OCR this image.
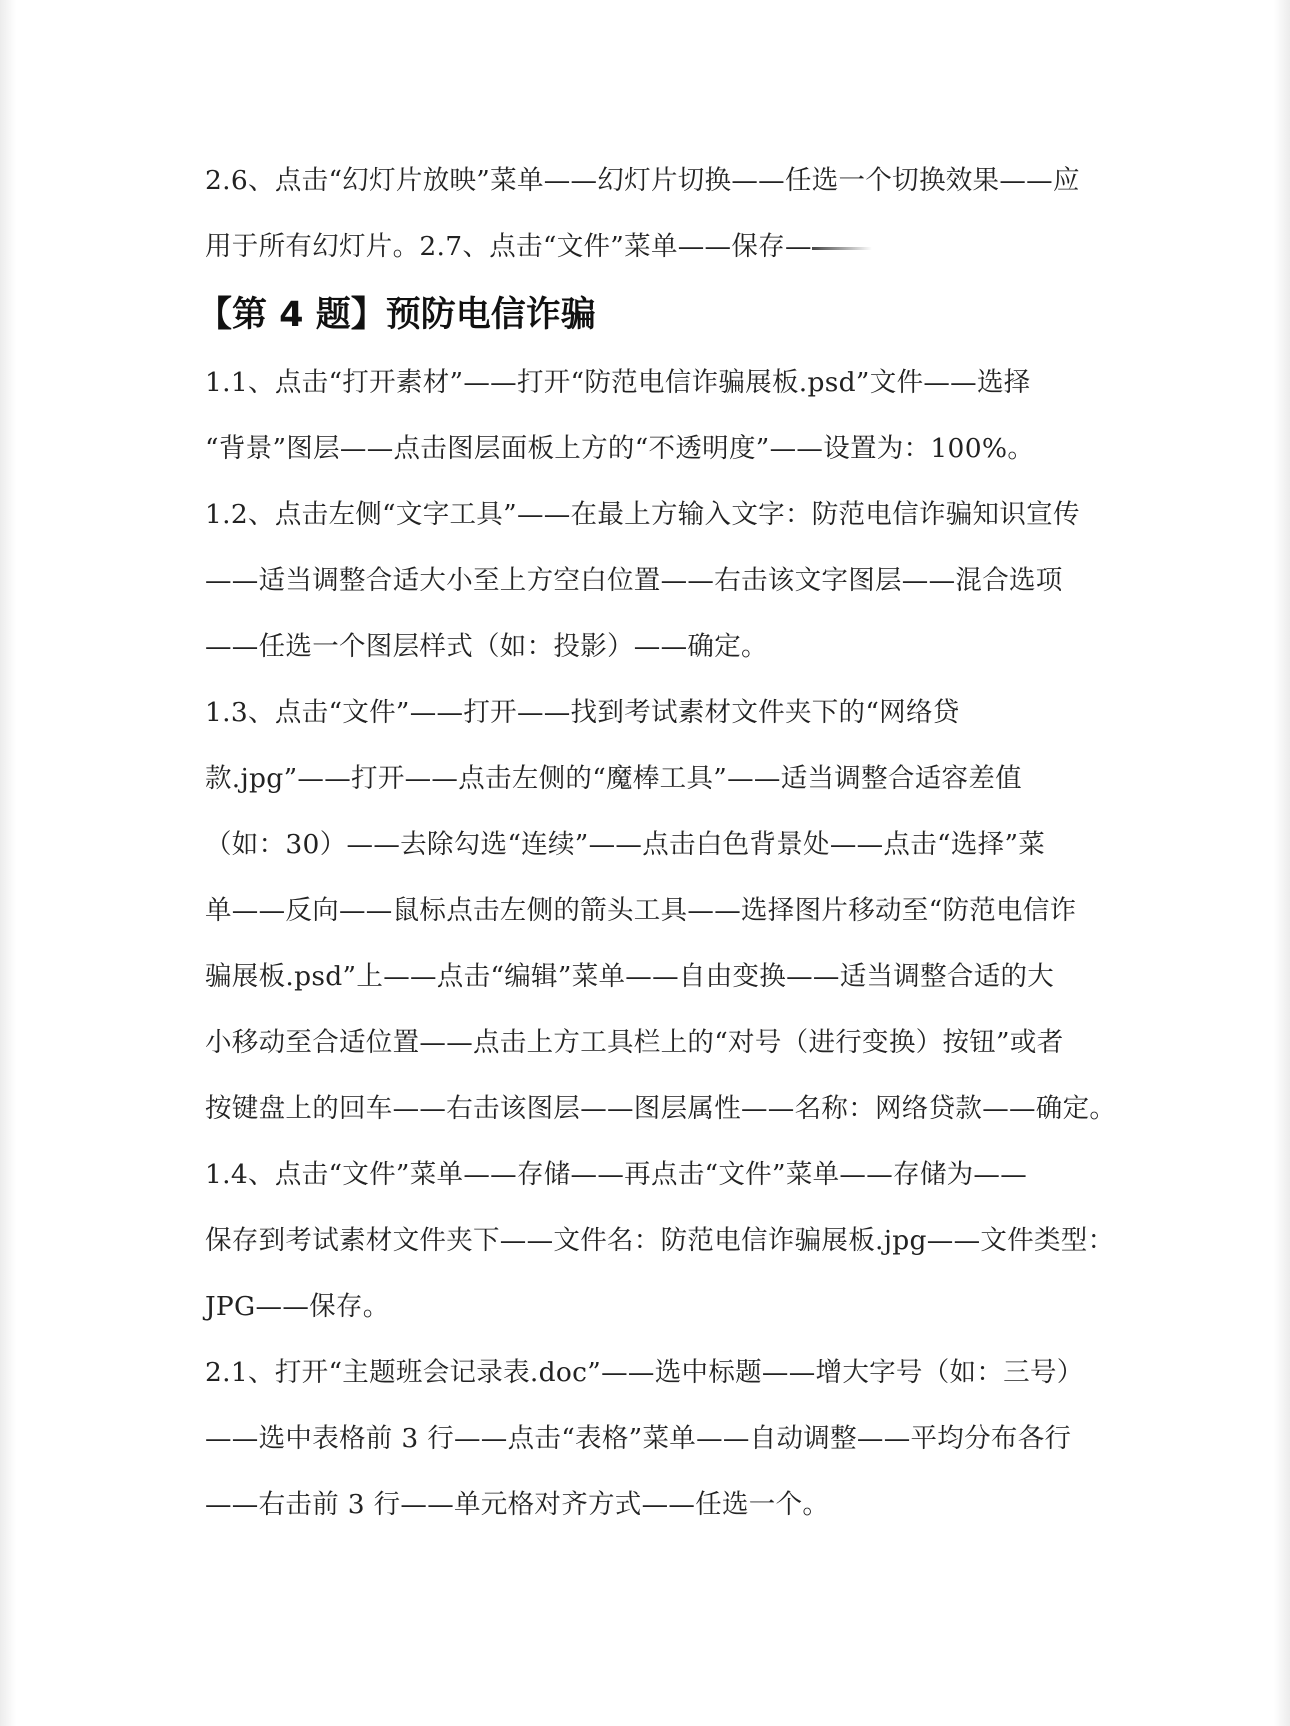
2.6、点击“幻灯片放映”菜单——幻灯片切换——任选一个切换效果——应
用于所有幻灯片。2.7、点击“文件”菜单——保存—
【第 4 题】预防电信诈骗
1.1、点击“打开素材”——打开“防范电信诈骗展板.psd”文件——选择
“背景”图层——点击图层面板上方的“不透明度”——设置为：100%。
1.2、点击左侧“文字工具”——在最上方输入文字：防范电信诈骗知识宣传
——适当调整合适大小至上方空白位置——右击该文字图层——混合选项
——任选一个图层样式（如：投影）——确定。
1.3、点击“文件”——打开——找到考试素材文件夹下的“网络贷
款.jpg”——打开——点击左侧的“魔棒工具”——适当调整合适容差值
（如：30）——去除勾选“连续”——点击白色背景处——点击“选择”菜
单——反向——鼠标点击左侧的箭头工具——选择图片移动至“防范电信诈
骗展板.psd”上——点击“编辑”菜单——自由变换——适当调整合适的大
小移动至合适位置——点击上方工具栏上的“对号（进行变换）按钮”或者
按键盘上的回车——右击该图层——图层属性——名称：网络贷款——确定。
1.4、点击“文件”菜单——存储——再点击“文件”菜单——存储为——
保存到考试素材文件夹下——文件名：防范电信诈骗展板.jpg——文件类型：
JPG——保存。
2.1、打开“主题班会记录表.doc”——选中标题——增大字号（如：三号）
——选中表格前 3 行——点击“表格”菜单——自动调整——平均分布各行
——右击前 3 行——单元格对齐方式——任选一个。
